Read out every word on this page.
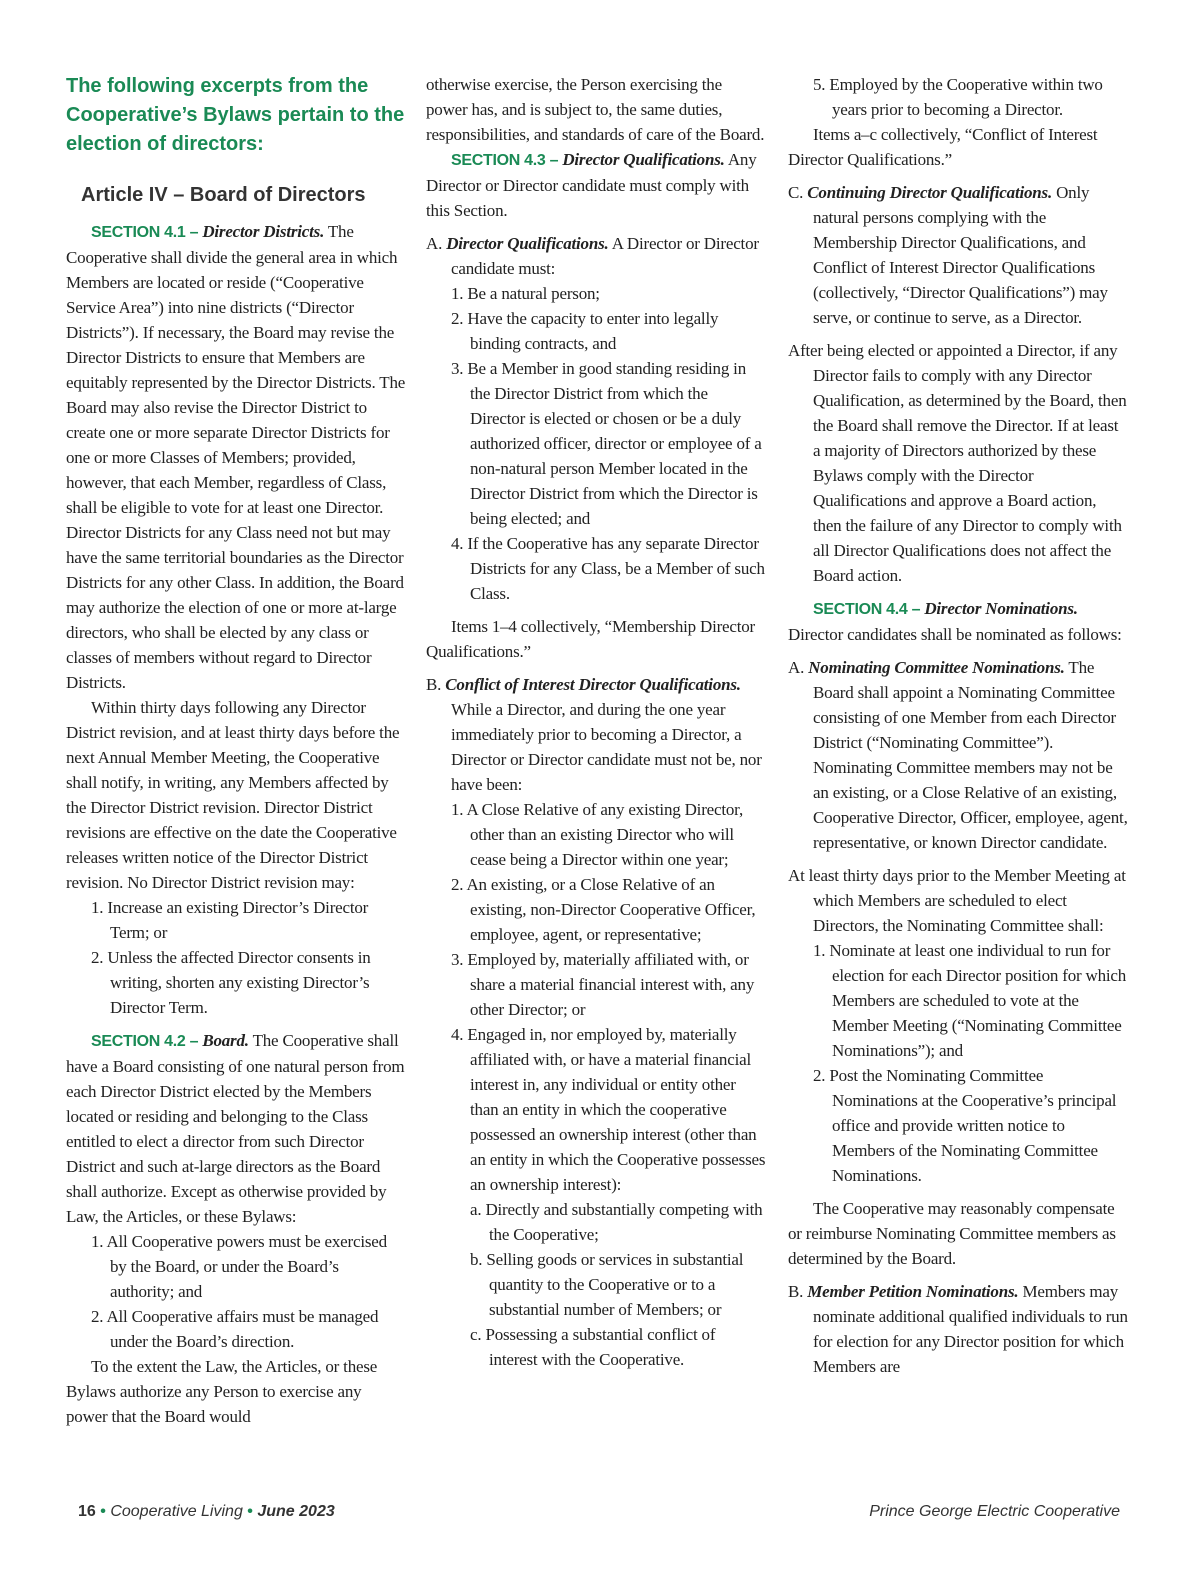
The following excerpts from the Cooperative’s Bylaws pertain to the election of directors:

Article IV – Board of Directors

SECTION 4.1 – Director Districts. The Cooperative shall divide the general area in which Members are located or reside (“Cooperative Service Area”) into nine districts (“Director Districts”). If necessary, the Board may revise the Director Districts to ensure that Members are equitably represented by the Director Districts. The Board may also revise the Director District to create one or more separate Director Districts for one or more Classes of Members; provided, however, that each Member, regardless of Class, shall be eligible to vote for at least one Director. Director Districts for any Class need not but may have the same territorial boundaries as the Director Districts for any other Class. In addition, the Board may authorize the election of one or more at-large directors, who shall be elected by any class or classes of members without regard to Director Districts.

Within thirty days following any Director District revision, and at least thirty days before the next Annual Member Meeting, the Cooperative shall notify, in writing, any Members affected by the Director District revision. Director District revisions are effective on the date the Cooperative releases written notice of the Director District revision. No Director District revision may:

1. Increase an existing Director’s Director Term; or

2. Unless the affected Director consents in writing, shorten any existing Director’s Director Term.

SECTION 4.2 – Board. The Cooperative shall have a Board consisting of one natural person from each Director District elected by the Members located or residing and belonging to the Class entitled to elect a director from such Director District and such at-large directors as the Board shall authorize. Except as otherwise provided by Law, the Articles, or these Bylaws:

1. All Cooperative powers must be exercised by the Board, or under the Board’s authority; and

2. All Cooperative affairs must be managed under the Board’s direction.

To the extent the Law, the Articles, or these Bylaws authorize any Person to exercise any power that the Board would

otherwise exercise, the Person exercising the power has, and is subject to, the same duties, responsibilities, and standards of care of the Board.

SECTION 4.3 – Director Qualifications. Any Director or Director candidate must comply with this Section.

A. Director Qualifications. A Director or Director candidate must:

1. Be a natural person;

2. Have the capacity to enter into legally binding contracts, and

3. Be a Member in good standing residing in the Director District from which the Director is elected or chosen or be a duly authorized officer, director or employee of a non-natural person Member located in the Director District from which the Director is being elected; and

4. If the Cooperative has any separate Director Districts for any Class, be a Member of such Class.

Items 1–4 collectively, “Membership Director Qualifications.”

B. Conflict of Interest Director Qualifications. While a Director, and during the one year immediately prior to becoming a Director, a Director or Director candidate must not be, nor have been:

1. A Close Relative of any existing Director, other than an existing Director who will cease being a Director within one year;

2. An existing, or a Close Relative of an existing, non-Director Cooperative Officer, employee, agent, or representative;

3. Employed by, materially affiliated with, or share a material financial interest with, any other Director; or

4. Engaged in, nor employed by, materially affiliated with, or have a material financial interest in, any individual or entity other than an entity in which the cooperative possessed an ownership interest (other than an entity in which the Cooperative possesses an ownership interest):

a. Directly and substantially competing with the Cooperative;

b. Selling goods or services in substantial quantity to the Cooperative or to a substantial number of Members; or

c. Possessing a substantial conflict of interest with the Cooperative.

5. Employed by the Cooperative within two years prior to becoming a Director.

Items a–c collectively, “Conflict of Interest Director Qualifications.”

C. Continuing Director Qualifications. Only natural persons complying with the Membership Director Qualifications, and Conflict of Interest Director Qualifications (collectively, “Director Qualifications”) may serve, or continue to serve, as a Director.

After being elected or appointed a Director, if any Director fails to comply with any Director Qualification, as determined by the Board, then the Board shall remove the Director. If at least a majority of Directors authorized by these Bylaws comply with the Director Qualifications and approve a Board action, then the failure of any Director to comply with all Director Qualifications does not affect the Board action.

SECTION 4.4 – Director Nominations. Director candidates shall be nominated as follows:

A. Nominating Committee Nominations. The Board shall appoint a Nominating Committee consisting of one Member from each Director District (“Nominating Committee”). Nominating Committee members may not be an existing, or a Close Relative of an existing, Cooperative Director, Officer, employee, agent, representative, or known Director candidate.

At least thirty days prior to the Member Meeting at which Members are scheduled to elect Directors, the Nominating Committee shall:

1. Nominate at least one individual to run for election for each Director position for which Members are scheduled to vote at the Member Meeting (“Nominating Committee Nominations”); and

2. Post the Nominating Committee Nominations at the Cooperative’s principal office and provide written notice to Members of the Nominating Committee Nominations.

The Cooperative may reasonably compensate or reimburse Nominating Committee members as determined by the Board.

B. Member Petition Nominations. Members may nominate additional qualified individuals to run for election for any Director position for which Members are

16 • Cooperative Living • June 2023	Prince George Electric Cooperative
